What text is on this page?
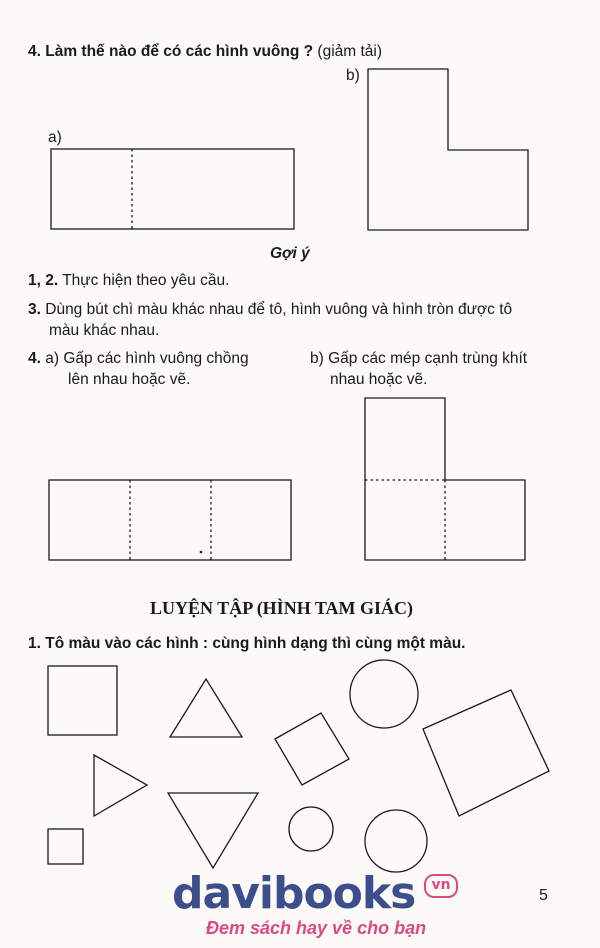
4. Làm thế nào để có các hình vuông ? (giảm tải)
b)
a)
Gợi ý
1, 2. Thực hiện theo yêu cầu.
3. Dùng bút chì màu khác nhau để tô, hình vuông và hình tròn được tô
màu khác nhau.
4. a) Gấp các hình vuông chồng
lên nhau hoặc vẽ.
b) Gấp các mép cạnh trùng khít
nhau hoặc vẽ.
LUYỆN TẬP (HÌNH TAM GIÁC)
1. Tô màu vào các hình : cùng hình dạng thì cùng một màu.
5
davibooks	vn
Đem sách hay về cho bạn
